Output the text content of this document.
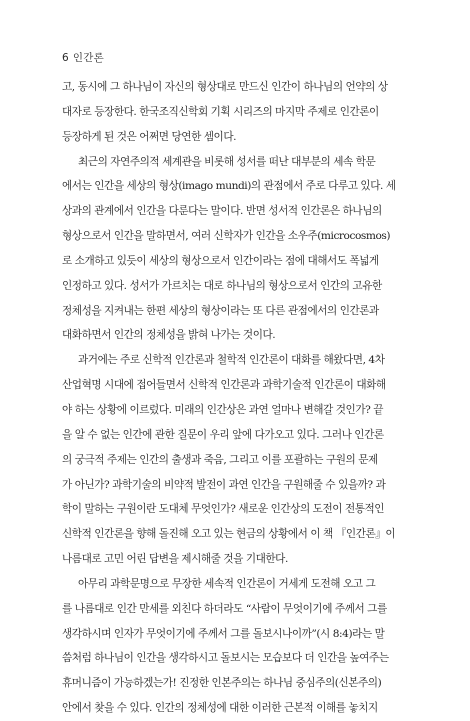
6 인간론
고, 동시에 그 하나님이 자신의 형상대로 만드신 인간이 하나님의 언약의 상
대자로 등장한다. 한국조직신학회 기획 시리즈의 마지막 주제로 인간론이
등장하게 된 것은 어쩌면 당연한 셈이다.
최근의 자연주의적 세계관을 비롯해 성서를 떠난 대부분의 세속 학문
에서는 인간을 세상의 형상(imago mundi)의 관점에서 주로 다루고 있다. 세
상과의 관계에서 인간을 다룬다는 말이다. 반면 성서적 인간론은 하나님의
형상으로서 인간을 말하면서, 여러 신학자가 인간을 소우주(microcosmos)
로 소개하고 있듯이 세상의 형상으로서 인간이라는 점에 대해서도 폭넓게
인정하고 있다. 성서가 가르치는 대로 하나님의 형상으로서 인간의 고유한
정체성을 지켜내는 한편 세상의 형상이라는 또 다른 관점에서의 인간론과
대화하면서 인간의 정체성을 밝혀 나가는 것이다.
과거에는 주로 신학적 인간론과 철학적 인간론이 대화를 해왔다면, 4차
산업혁명 시대에 접어들면서 신학적 인간론과 과학기술적 인간론이 대화해
야 하는 상황에 이르렀다. 미래의 인간상은 과연 얼마나 변해갈 것인가? 끝
을 알 수 없는 인간에 관한 질문이 우리 앞에 다가오고 있다. 그러나 인간론
의 궁극적 주제는 인간의 출생과 죽음, 그리고 이를 포괄하는 구원의 문제
가 아닌가? 과학기술의 비약적 발전이 과연 인간을 구원해줄 수 있을까? 과
학이 말하는 구원이란 도대체 무엇인가? 새로운 인간상의 도전이 전통적인
신학적 인간론을 향해 돌진해 오고 있는 현금의 상황에서 이 책 『인간론』이
나름대로 고민 어린 답변을 제시해줄 것을 기대한다.
아무리 과학문명으로 무장한 세속적 인간론이 거세게 도전해 오고 그
를 나름대로 인간 만세를 외친다 하더라도 “사람이 무엇이기에 주께서 그를
생각하시며 인자가 무엇이기에 주께서 그를 돌보시나이까”(시 8:4)라는 말
씀처럼 하나님이 인간을 생각하시고 돌보시는 모습보다 더 인간을 높여주는
휴머니즘이 가능하겠는가! 진정한 인본주의는 하나님 중심주의(신본주의)
안에서 찾을 수 있다. 인간의 정체성에 대한 이러한 근본적 이해를 놓치지
